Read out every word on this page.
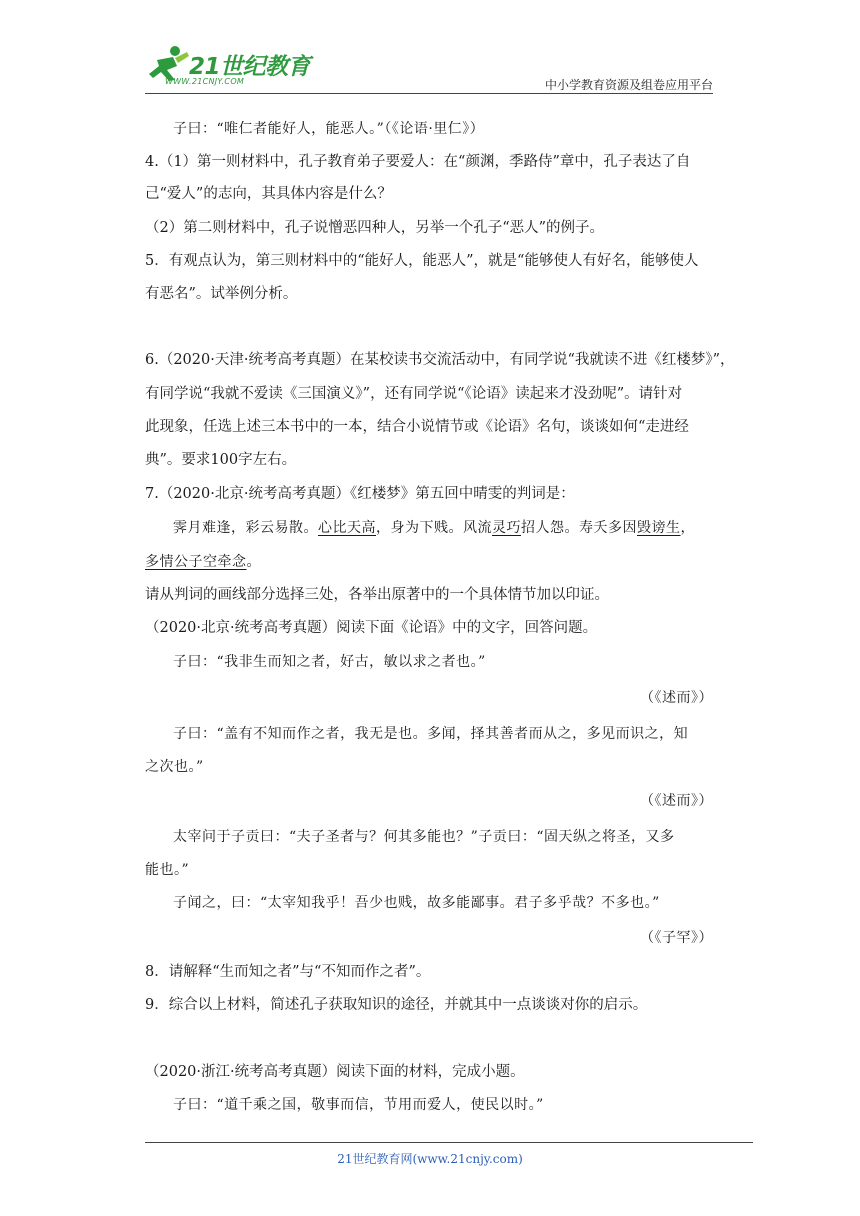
21世纪教育
WWW.21CNJY.COM	中小学教育资源及组卷应用平台
子曰：“唯仁者能好人，能恶人。”（《论语·里仁》）
4.（1）第一则材料中，孔子教育弟子要爱人：在“颜渊，季路侍”章中，孔子表达了自
己“爱人”的志向，其具体内容是什么？
（2）第二则材料中，孔子说憎恶四种人，另举一个孔子“恶人”的例子。
5．有观点认为，第三则材料中的“能好人，能恶人”，就是“能够使人有好名，能够使人
有恶名”。试举例分析。
6.（2020·天津·统考高考真题）在某校读书交流活动中，有同学说“我就读不进《红楼梦》”，
有同学说“我就不爱读《三国演义》”，还有同学说“《论语》读起来才没劲呢”。请针对
此现象，任选上述三本书中的一本，结合小说情节或《论语》名句，谈谈如何“走进经
典”。要求100字左右。
7.（2020·北京·统考高考真题）《红楼梦》第五回中晴雯的判词是：
霁月难逢，彩云易散。心比天高，身为下贱。风流灵巧招人怨。寿夭多因毁谤生，
多情公子空牵念。
请从判词的画线部分选择三处，各举出原著中的一个具体情节加以印证。
（2020·北京·统考高考真题）阅读下面《论语》中的文字，回答问题。
子曰：“我非生而知之者，好古，敏以求之者也。”
（《述而》）
子曰：“盖有不知而作之者，我无是也。多闻，择其善者而从之，多见而识之，知
之次也。”
（《述而》）
太宰问于子贡曰：“夫子圣者与？何其多能也？”子贡曰：“固天纵之将圣，又多
能也。”
子闻之，曰：“太宰知我乎！吾少也贱，故多能鄙事。君子多乎哉？不多也。”
（《子罕》）
8．请解释“生而知之者”与“不知而作之者”。
9．综合以上材料，简述孔子获取知识的途径，并就其中一点谈谈对你的启示。
（2020·浙江·统考高考真题）阅读下面的材料，完成小题。
子曰：“道千乘之国，敬事而信，节用而爱人，使民以时。”
21世纪教育网(www.21cnjy.com)
